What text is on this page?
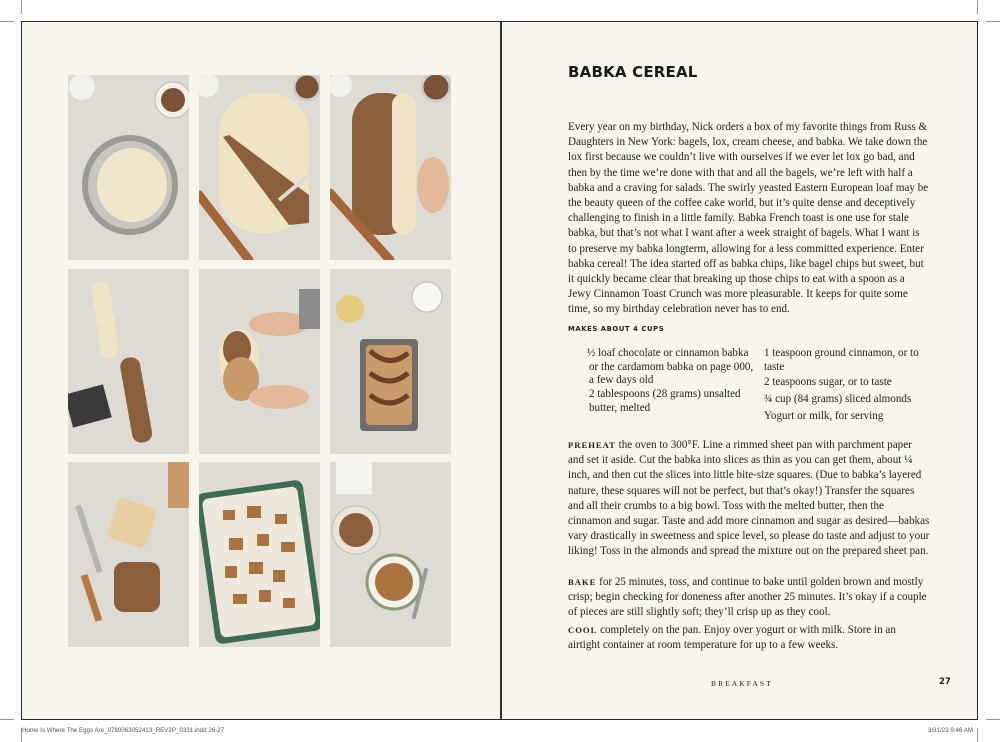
BABKA CEREAL

Every year on my birthday, Nick orders a box of my favorite things from Russ & Daughters in New York: bagels, lox, cream cheese, and babka. We take down the lox first because we couldn’t live with ourselves if we ever let lox go bad, and then by the time we’re done with that and all the bagels, we’re left with half a babka and a craving for salads. The swirly yeasted Eastern European loaf may be the beauty queen of the coffee cake world, but it’s quite dense and deceptively challenging to finish in a little family. Babka French toast is one use for stale babka, but that’s not what I want after a week straight of bagels. What I want is to preserve my babka longterm, allowing for a less committed experience. Enter babka cereal! The idea started off as babka chips, like bagel chips but sweet, but it quickly became clear that breaking up those chips to eat with a spoon as a Jewy Cinnamon Toast Crunch was more pleasurable. It keeps for quite some time, so my birthday celebration never has to end.

MAKES ABOUT 4 CUPS

½ loaf chocolate or cinnamon babka or the cardamom babka on page 000, a few days old

2 tablespoons (28 grams) unsalted butter, melted

1 teaspoon ground cinnamon, or to taste

2 teaspoons sugar, or to taste

¾ cup (84 grams) sliced almonds

Yogurt or milk, for serving

PREHEAT the oven to 300°F. Line a rimmed sheet pan with parchment paper and set it aside. Cut the babka into slices as thin as you can get them, about ¼ inch, and then cut the slices into little bite-size squares. (Due to babka’s layered nature, these squares will not be perfect, but that’s okay!) Transfer the squares and all their crumbs to a big bowl. Toss with the melted butter, then the cinnamon and sugar. Taste and add more cinnamon and sugar as desired—babkas vary drastically in sweetness and spice level, so please do taste and adjust to your liking! Toss in the almonds and spread the mixture out on the prepared sheet pan.

BAKE for 25 minutes, toss, and continue to bake until golden brown and mostly crisp; begin checking for doneness after another 25 minutes. It’s okay if a couple of pieces are still slightly soft; they’ll crisp up as they cool.

COOL completely on the pan. Enjoy over yogurt or with milk. Store in an airtight container at room temperature for up to a few weeks.

BREAKFAST	27
Home Is Where The Eggs Are_9780063052413_REV2P_0331.indd 26-27	3/31/22 9:46 AM
